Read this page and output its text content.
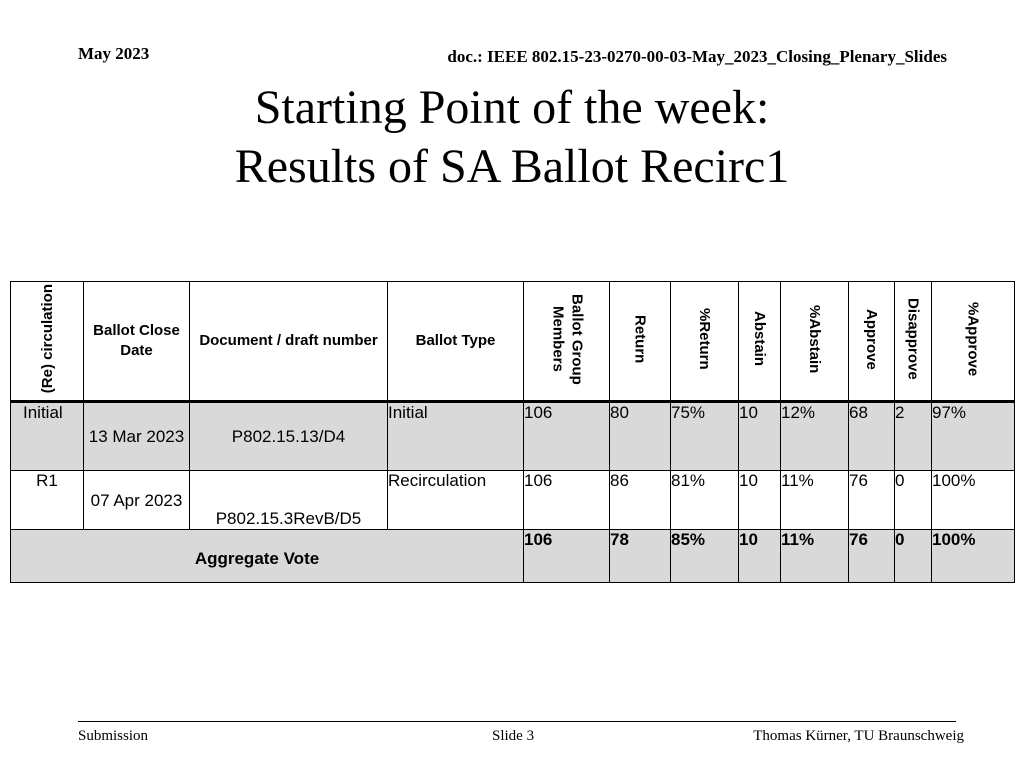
May 2023	doc.: IEEE 802.15-23-0270-00-03-May_2023_Closing_Plenary_Slides
Starting Point of the week:
Results of SA Ballot Recirc1
(Re) circulation	Ballot Close Date	Document / draft number	Ballot Type	Ballot Group Members	Return	%Return	Abstain	%Abstain	Approve	Disapprove	%Approve
Initial	13 Mar 2023	P802.15.13/D4	Initial	106	80	75%	10	12%	68	2	97%
R1	07 Apr 2023	P802.15.3RevB/D5	Recirculation	106	86	81%	10	11%	76	0	100%
Aggregate Vote				106	78	85%	10	11%	76	0	100%
Submission	Slide 3	Thomas Kürner, TU Braunschweig
